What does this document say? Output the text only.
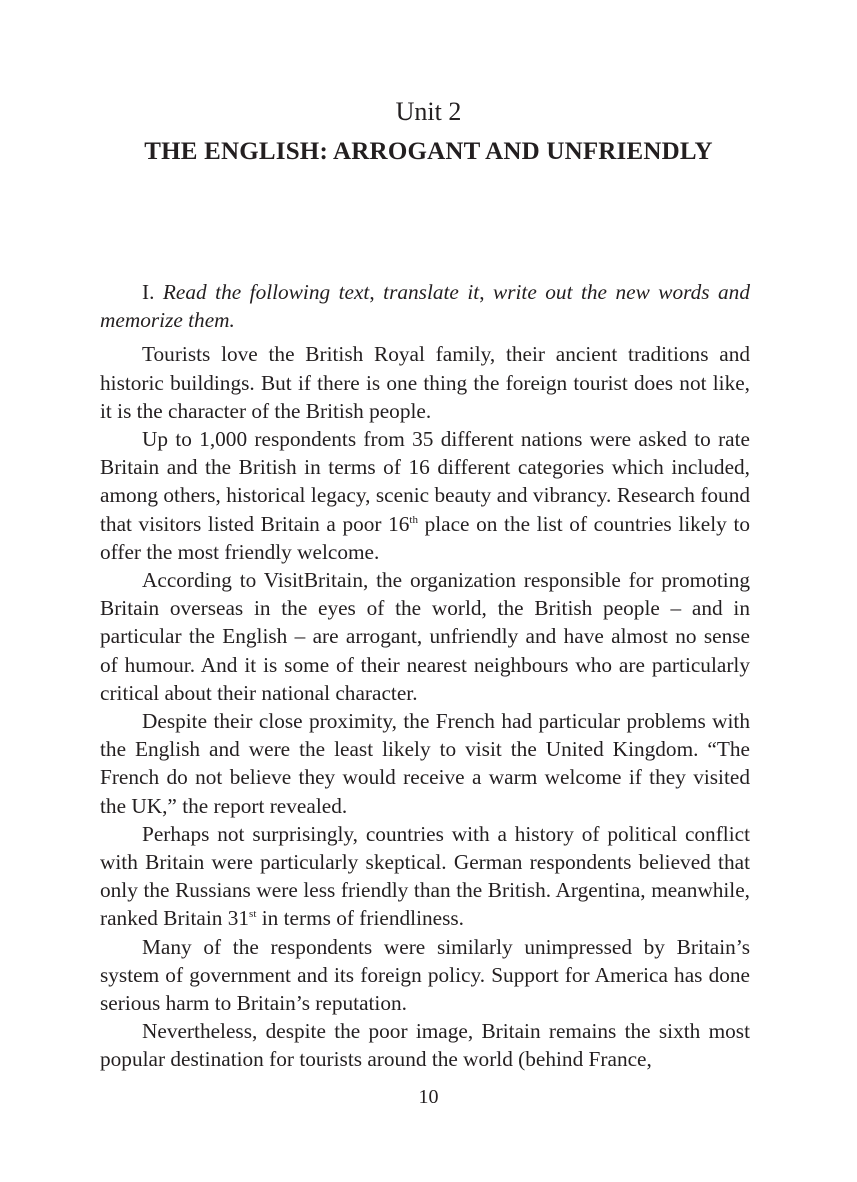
Unit 2
THE ENGLISH: ARROGANT AND UNFRIENDLY

I. Read the following text, translate it, write out the new words and memorize them.

Tourists love the British Royal family, their ancient traditions and historic buildings. But if there is one thing the foreign tourist does not like, it is the character of the British people.

Up to 1,000 respondents from 35 different nations were asked to rate Britain and the British in terms of 16 different categories which included, among others, historical legacy, scenic beauty and vibrancy. Research found that visitors listed Britain a poor 16th place on the list of countries likely to offer the most friendly welcome.

According to VisitBritain, the organization responsible for promoting Britain overseas in the eyes of the world, the British people – and in particular the English – are arrogant, unfriendly and have almost no sense of humour. And it is some of their nearest neighbours who are particularly critical about their national character.

Despite their close proximity, the French had particular problems with the English and were the least likely to visit the United Kingdom. “The French do not believe they would receive a warm welcome if they visited the UK,” the report revealed.

Perhaps not surprisingly, countries with a history of political conflict with Britain were particularly skeptical. German respondents believed that only the Russians were less friendly than the British. Argentina, meanwhile, ranked Britain 31st in terms of friendliness.

Many of the respondents were similarly unimpressed by Britain’s system of government and its foreign policy. Support for America has done serious harm to Britain’s reputation.

Nevertheless, despite the poor image, Britain remains the sixth most popular destination for tourists around the world (behind France,

10
